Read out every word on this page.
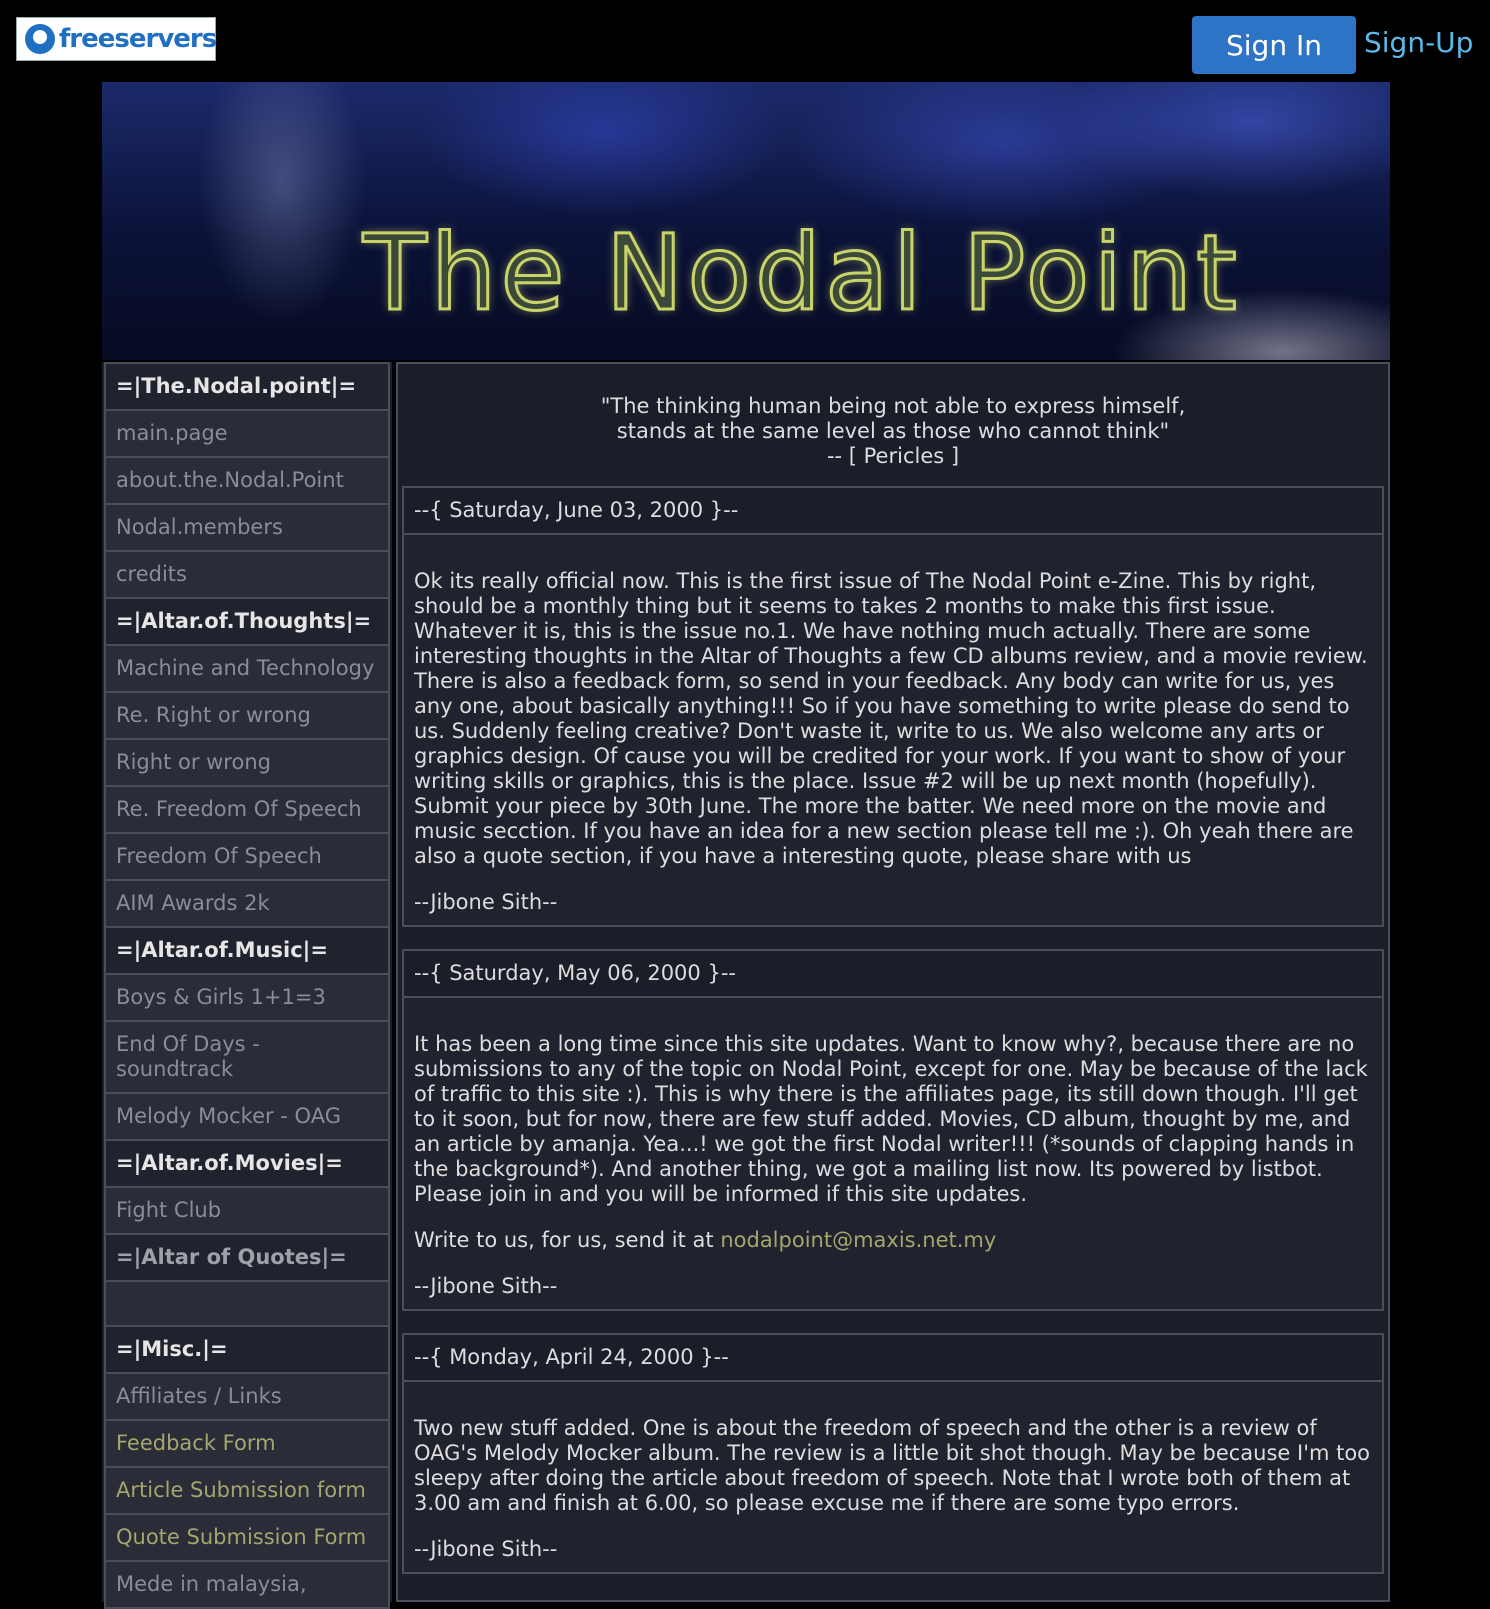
freeservers	Sign In	Sign-Up
The Nodal Point
=|The.Nodal.point|=
main.page
about.the.Nodal.Point
Nodal.members
credits
=|Altar.of.Thoughts|=
Machine and Technology
Re. Right or wrong
Right or wrong
Re. Freedom Of Speech
Freedom Of Speech
AIM Awards 2k
=|Altar.of.Music|=
Boys & Girls 1+1=3
End Of Days - soundtrack
Melody Mocker - OAG
=|Altar.of.Movies|=
Fight Club
=|Altar of Quotes|=
=|Misc.|=
Affiliates / Links
Feedback Form
Article Submission form
Quote Submission Form
Mede in malaysia,
"The thinking human being not able to express himself,
stands at the same level as those who cannot think"
-- [ Pericles ]
--{ Saturday, June 03, 2000 }--

Ok its really official now. This is the first issue of The Nodal Point e-Zine. This by right, should be a monthly thing but it seems to takes 2 months to make this first issue. Whatever it is, this is the issue no.1. We have nothing much actually. There are some interesting thoughts in the Altar of Thoughts a few CD albums review, and a movie review. There is also a feedback form, so send in your feedback. Any body can write for us, yes any one, about basically anything!!! So if you have something to write please do send to us. Suddenly feeling creative? Don't waste it, write to us. We also welcome any arts or graphics design. Of cause you will be credited for your work. If you want to show of your writing skills or graphics, this is the place. Issue #2 will be up next month (hopefully). Submit your piece by 30th June. The more the batter. We need more on the movie and music secction. If you have an idea for a new section please tell me :). Oh yeah there are also a quote section, if you have a interesting quote, please share with us

--Jibone Sith--

--{ Saturday, May 06, 2000 }--

It has been a long time since this site updates. Want to know why?, because there are no submissions to any of the topic on Nodal Point, except for one. May be because of the lack of traffic to this site :). This is why there is the affiliates page, its still down though. I'll get to it soon, but for now, there are few stuff added. Movies, CD album, thought by me, and an article by amanja. Yea...! we got the first Nodal writer!!! (*sounds of clapping hands in the background*). And another thing, we got a mailing list now. Its powered by listbot. Please join in and you will be informed if this site updates.

Write to us, for us, send it at nodalpoint@maxis.net.my

--Jibone Sith--

--{ Monday, April 24, 2000 }--

Two new stuff added. One is about the freedom of speech and the other is a review of OAG's Melody Mocker album. The review is a little bit shot though. May be because I'm too sleepy after doing the article about freedom of speech. Note that I wrote both of them at 3.00 am and finish at 6.00, so please excuse me if there are some typo errors.

--Jibone Sith--
